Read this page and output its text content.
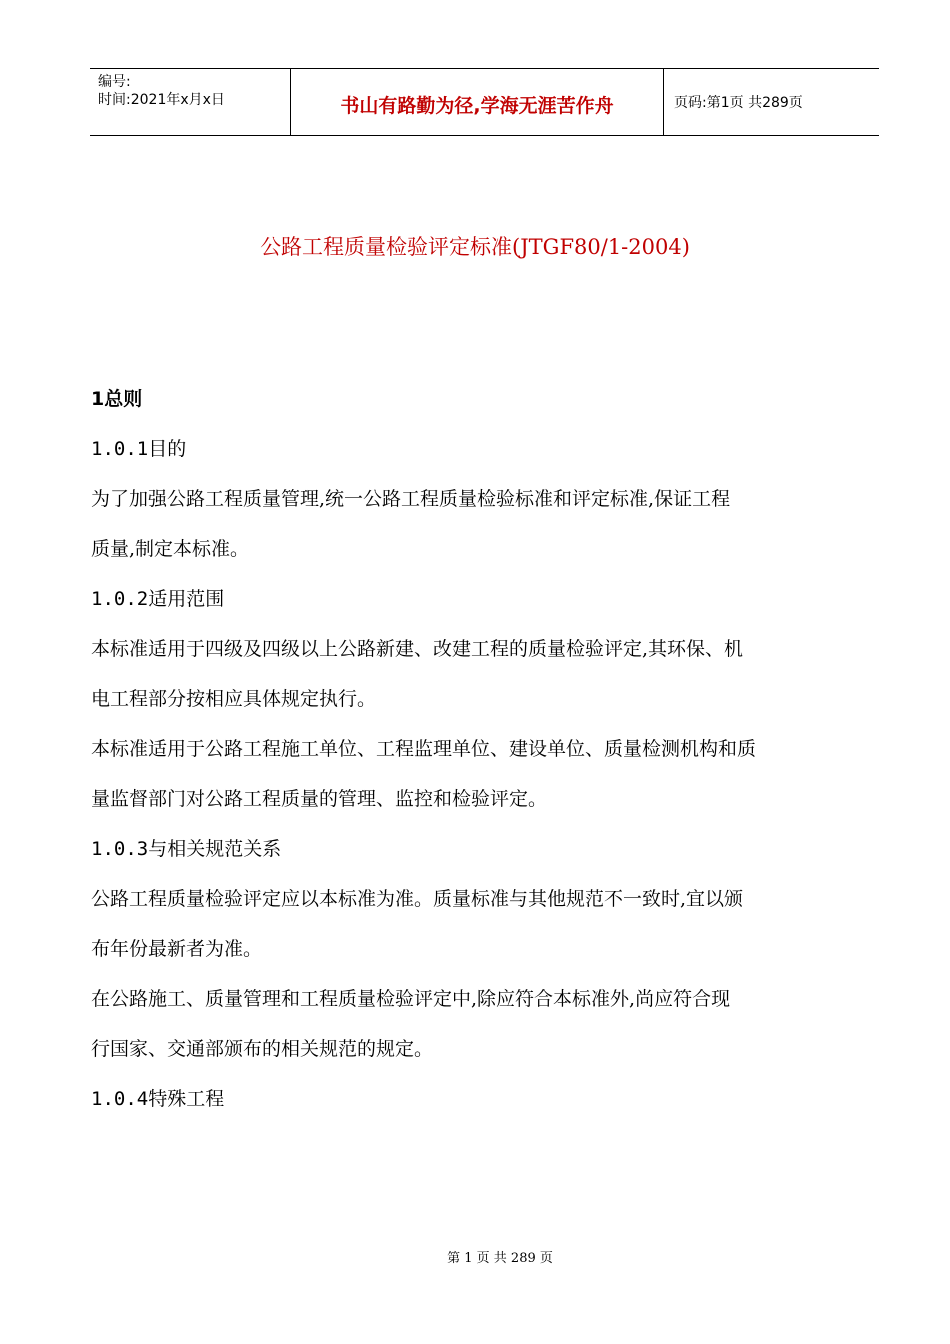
编号:
时间:2021年x月x日	书山有路勤为径,学海无涯苦作舟	页码:第1页 共289页
公路工程质量检验评定标准(JTGF80/1-2004)

1总则

1.0.1目的

为了加强公路工程质量管理,统一公路工程质量检验标准和评定标准,保证工程

质量,制定本标准。

1.0.2适用范围

本标准适用于四级及四级以上公路新建、改建工程的质量检验评定,其环保、机

电工程部分按相应具体规定执行。

本标准适用于公路工程施工单位、工程监理单位、建设单位、质量检测机构和质

量监督部门对公路工程质量的管理、监控和检验评定。

1.0.3与相关规范关系

公路工程质量检验评定应以本标准为准。质量标准与其他规范不一致时,宜以颁

布年份最新者为准。

在公路施工、质量管理和工程质量检验评定中,除应符合本标准外,尚应符合现

行国家、交通部颁布的相关规范的规定。

1.0.4特殊工程

第 1 页 共 289 页
